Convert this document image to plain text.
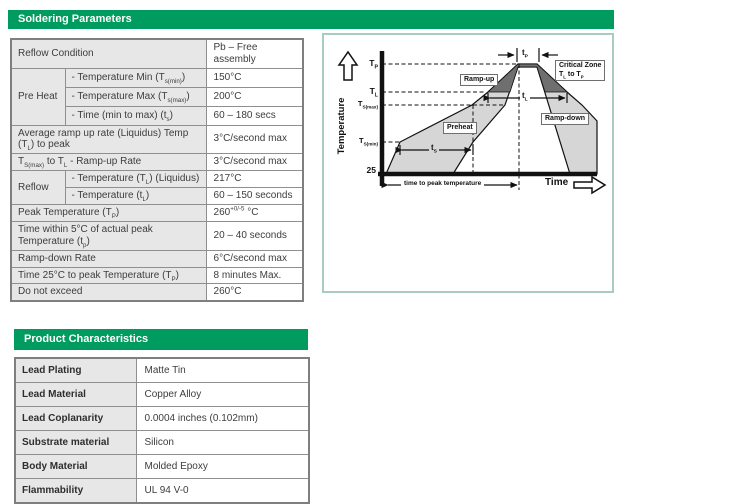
Soldering Parameters
Reflow Condition		Pb – Free assembly
Pre Heat	- Temperature Min $(T_{s(min)})$	150°C
	- Temperature Max $(T_{s(max)})$	200°C
	- Time (min to max) $(t_s)$	60 – 180 secs
Average ramp up rate (Liquidus) Temp $(T_L)$ to peak		3°C/second max
$T_{S(max)}$ to $T_L$ - Ramp-up Rate		3°C/second max
Reflow	- Temperature $(T_L)$ (Liquidus)	217°C
	- Temperature $(t_L)$	60 – 150 seconds
Peak Temperature $(T_P)$		$260^{+0/-5}$ °C
Time within 5°C of actual peak Temperature $(t_p)$		20 – 40 seconds
Ramp-down Rate		6°C/second max
Time 25°C to peak Temperature $(T_P)$		8 minutes Max.
Do not exceed		260°C
Temperature
$T_P$
$T_L$
$T_{S(max)}$
$T_{S(min)}$
25
Ramp-up
Preheat
Ramp-down
Critical Zone
$T_L$ to $T_P$
$t_P$
$t_L$
$t_S$
time to peak temperature	Time
Product Characteristics
Lead Plating	Matte Tin
Lead Material	Copper Alloy
Lead Coplanarity	0.0004 inches (0.102mm)
Substrate material	Silicon
Body Material	Molded Epoxy
Flammability	UL 94 V-0
